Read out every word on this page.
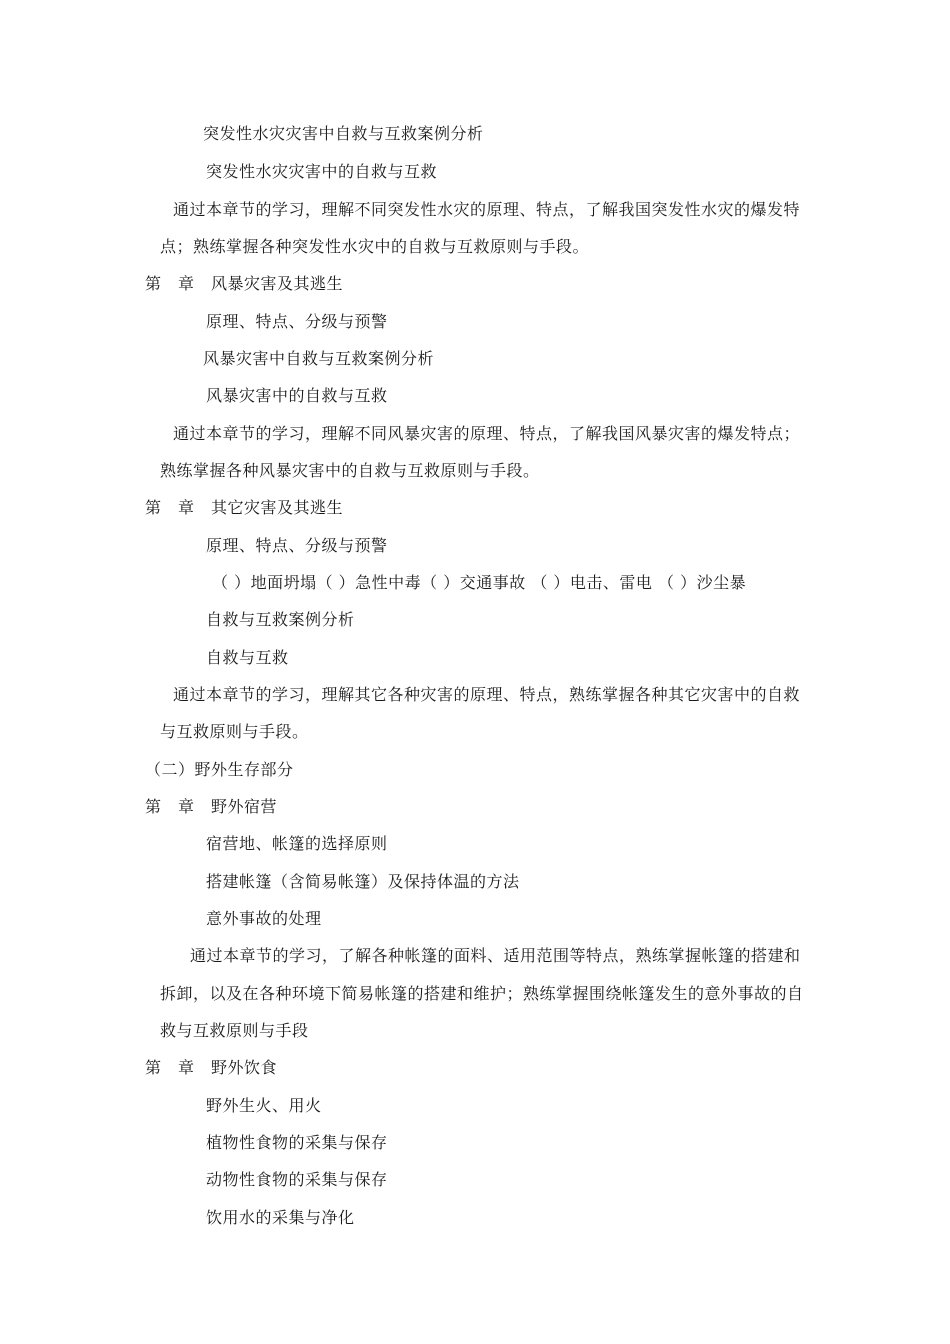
突发性水灾灾害中自救与互救案例分析
突发性水灾灾害中的自救与互救
通过本章节的学习，理解不同突发性水灾的原理、特点，了解我国突发性水灾的爆发特
点；熟练掌握各种突发性水灾中的自救与互救原则与手段。
第　章　风暴灾害及其逃生
原理、特点、分级与预警
风暴灾害中自救与互救案例分析
风暴灾害中的自救与互救
通过本章节的学习，理解不同风暴灾害的原理、特点，了解我国风暴灾害的爆发特点；
熟练掌握各种风暴灾害中的自救与互救原则与手段。
第　章　其它灾害及其逃生
原理、特点、分级与预警
（ ）地面坍塌（ ）急性中毒（ ）交通事故 （ ）电击、雷电 （ ）沙尘暴
自救与互救案例分析
自救与互救
通过本章节的学习，理解其它各种灾害的原理、特点，熟练掌握各种其它灾害中的自救
与互救原则与手段。
（二）野外生存部分
第　章　野外宿营
宿营地、帐篷的选择原则
搭建帐篷（含简易帐篷）及保持体温的方法
意外事故的处理
通过本章节的学习，了解各种帐篷的面料、适用范围等特点，熟练掌握帐篷的搭建和
拆卸，以及在各种环境下简易帐篷的搭建和维护；熟练掌握围绕帐篷发生的意外事故的自
救与互救原则与手段
第　章　野外饮食
野外生火、用火
植物性食物的采集与保存
动物性食物的采集与保存
饮用水的采集与净化
